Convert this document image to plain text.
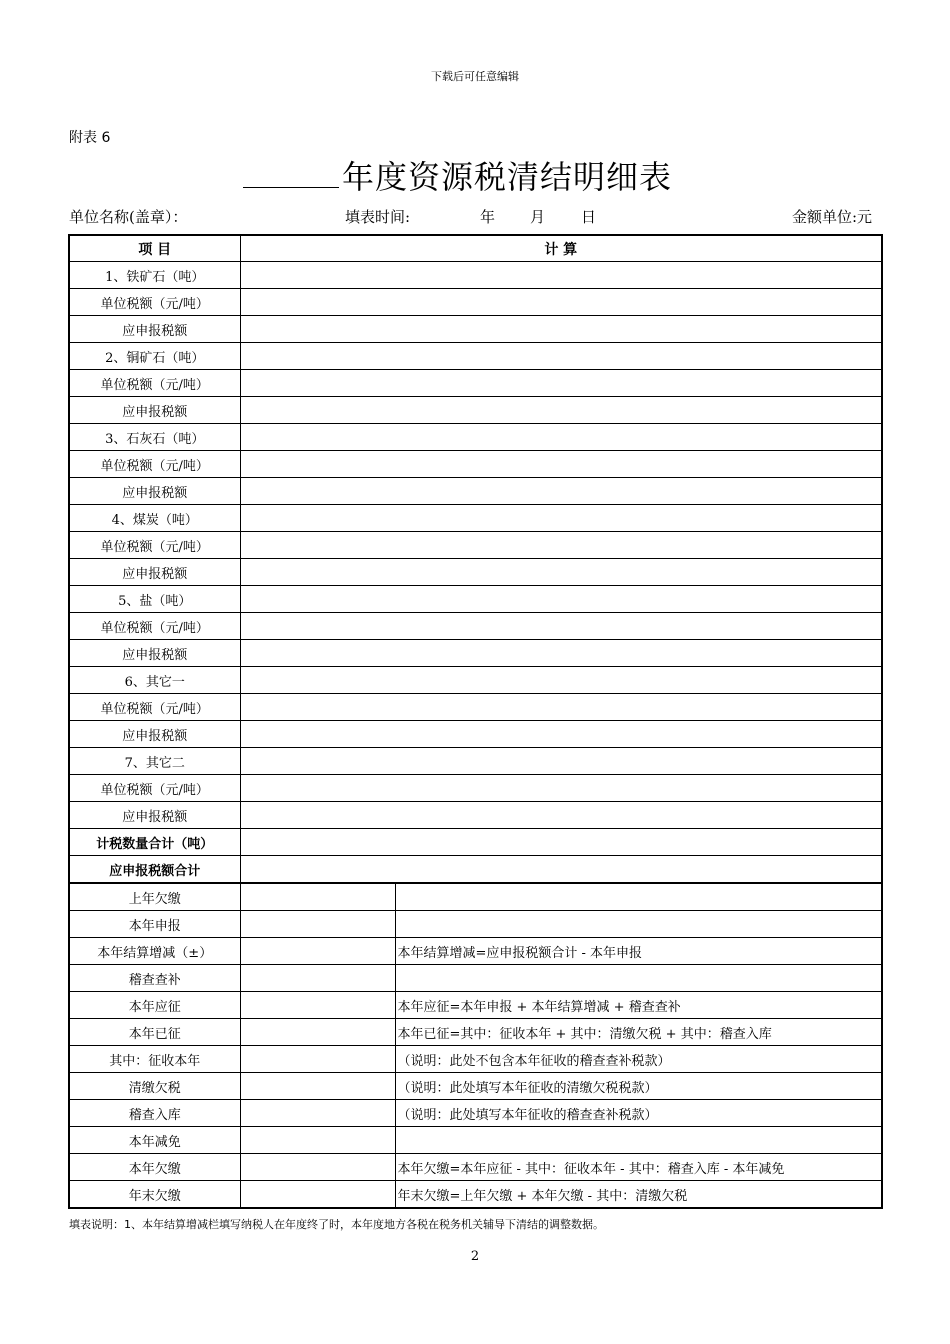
下载后可任意编辑
附表 6
年度资源税清结明细表
单位名称(盖章）：	填表时间:	年 月 日	金额单位:元
项 目	计 算	
1、铁矿石（吨）		
单位税额（元/吨）		
应申报税额		
2、铜矿石（吨）		
单位税额（元/吨）		
应申报税额		
3、石灰石（吨）		
单位税额（元/吨）		
应申报税额		
4、煤炭（吨）		
单位税额（元/吨）		
应申报税额		
5、盐（吨）		
单位税额（元/吨）		
应申报税额		
6、其它一		
单位税额（元/吨）		
应申报税额		
7、其它二		
单位税额（元/吨）		
应申报税额		
计税数量合计（吨）		
应申报税额合计		
上年欠缴		
本年申报		
本年结算增减（±）		本年结算增减=应申报税额合计 - 本年申报
稽查查补		
本年应征		本年应征=本年申报 + 本年结算增减 + 稽查查补
本年已征		本年已征=其中：征收本年 + 其中：清缴欠税 + 其中：稽查入库
其中：征收本年		（说明：此处不包含本年征收的稽查查补税款）
清缴欠税		（说明：此处填写本年征收的清缴欠税税款）
稽查入库		（说明：此处填写本年征收的稽查查补税款）
本年减免		
本年欠缴		本年欠缴=本年应征 - 其中：征收本年 - 其中：稽查入库 - 本年减免
年末欠缴		年末欠缴=上年欠缴 + 本年欠缴 - 其中：清缴欠税
填表说明：1、本年结算增减栏填写纳税人在年度终了时，本年度地方各税在税务机关辅导下清结的调整数据。
2
